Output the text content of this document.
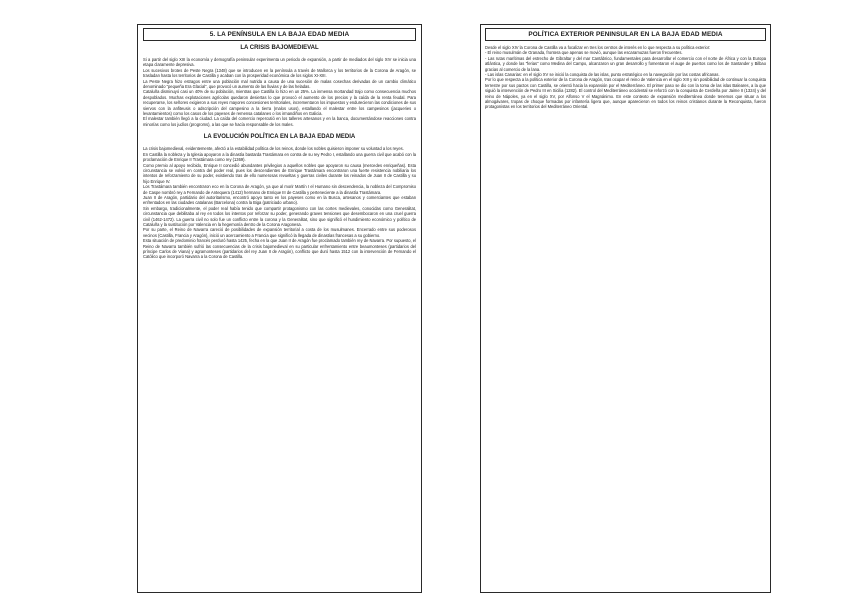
5. LA PENÍNSULA EN LA BAJA EDAD MEDIA
LA CRISIS BAJOMEDIEVAL

Si a partir del siglo XIII la economía y demografía peninsular experimenta un periodo de expansión, a partir de mediados del siglo XIV se inicia una etapa claramente depresiva.

Los sucesivos brotes de Peste Negra (1348) que se introducen en la península a través de Mallorca y los territorios de la Corona de Aragón, se trasladan hasta los territorios de Castilla y acaban con la prosperidad económica de los siglos XI-XIII.

La Peste Negra hizo estragos entre una población mal nutrida a causa de una sucesión de malas cosechas derivadas de un cambio climático denominado “pequeña Era Glacial”, que provocó un aumento de las lluvias y de las heladas.

Cataluña disminuyó casi un 40% de su población, mientras que Castilla lo hizo en un 25%. La inmensa mortandad trajo como consecuencia muchos despoblados. Muchas explotaciones agrícolas quedaron desiertas lo que provocó el aumento de los precios y la caída de la renta feudal. Para recuperarse, los señores exigieron a sus reyes mayores concesiones territoriales, incrementaron los impuestos y endurecieron las condiciones de sus siervos con la anfiteusis o adscripción del campesino a la tierra (malos usos), estallando el malestar entre los campesinos (jacqueries o levantamientos) como los casos de los payeses de remensa catalanes o los irmandiños en Galicia.

El malestar también llegó a la ciudad. La caída del comercio repercutió en los talleres artesanos y en la banca, documentándose reacciones contra minorías como los judíos (progroms), a las que se hacía responsable de los males.

LA EVOLUCIÓN POLÍTICA EN LA BAJA EDAD MEDIA

La crisis bajomedieval, evidentemente, afectó a la estabilidad política de los reinos, donde los nobles quisieron imponer su voluntad a los reyes.

En Castilla la nobleza y la Iglesia apoyaron a la dinastía bastarda Trastámara en contra de su rey Pedro I, estallando una guerra civil que acabó con la proclamación de Enrique II Trastámara como rey (1369).

Como premio al apoyo recibido, Enrique II concedió abundantes privilegios a aquellos nobles que apoyaron su causa (mercedes enriqueñas). Esta circunstancia se volvió en contra del poder real, pues los descendientes de Enrique Trastámara encontraron una fuerte resistencia nobiliaria los intentos de reforzamiento de su poder, existiendo tras de ello numerosas revueltas y guerras civiles durante los reinados de Juan II de Castilla y su hijo Enrique IV.

Los Trastámara también encontraron eco en la Corona de Aragón, ya que al morir Martín I el Humano sin descendencia, la nobleza del Compromiso de Caspe nombró rey a Fernando de Antequera (1412) hermano de Enrique III de Castilla y perteneciente a la dinastía Trastámara.

Juan II de Aragón, partidario del autoritarismo, encontró apoyo tanto en los payeses como en la Busca, artesanos y comerciantes que estaban enfrentados en las ciudades catalanas (Barcelona) contra la Biga (patriciado urbano).

Sin embargo, tradicionalmente, el poder real había tenido que compartir protagonismo con las cortes medievales, conocidas como Generalitat, circunstancia que debilitaba al rey en todos los intentos por reforzar su poder, generando graves tensiones que desembocaron en una cruel guerra civil (1462-1472). La guerra civil no solo fue un conflicto entre la corona y la Generalitat, sino que significó el hundimiento económico y político de Cataluña y la sustitución por Valencia en la hegemonía dentro de la Corona Aragonesa.

Por su parte, el Reino de Navarra careció de posibilidades de expansión territorial a costa de los musulmanes. Encerrado entre sus poderosos vecinos (Castilla, Francia y Aragón), inició un acercamiento a Francia que significó la llegada de dinastías francesas a su gobierno.

Esta situación de predominio francés perduró hasta 1425, fecha en la que Juan II de Aragón fue proclamado también rey de Navarra. Por supuesto, el Reino de Navarra también sufrió las consecuencias de la crisis bajomedieval en su particular enfrentamiento entre beaumonteses (partidarios del príncipe Carlos de Viana) y agramonteses (partidarios del rey Juan II de Aragón), conflicto que duró hasta 1512 con la intervención de Fernando el Católico que incorporó Navarra a la Corona de Castilla.

POLÍTICA EXTERIOR PENINSULAR EN LA BAJA EDAD MEDIA

Desde el siglo XIV la Corona de Castilla va a focalizar en tres los centros de interés en lo que respecta a su política exterior:

- El reino musulmán de Granada, frontera que apenas se movió, aunque las escaramuzas fueron frecuentes.

- Las rutas marítimas del estrecho de Gibraltar y del mar Cantábrico, fundamentales para desarrollar el comercio con el norte de África y con la Europa atlántica, y donde las “ferias” como Medina del Campo, alcanzaron un gran desarrollo y fomentaron el auge de puertos como los de Santander y Bilbao gracias al comercio de la lana.

- Las islas Canarias: en el siglo XV se inició la conquista de las islas, punto estratégico en la navegación por las costas africanas.

Por lo que respecta a la política exterior de la Corona de Aragón, tras ocupar el reino de Valencia en el siglo XIII y sin posibilidad de continuar la conquista terrestre por sus pactos con Castilla, se orientó hacia la expansión por el Mediterráneo. El primer paso se dio con la toma de las islas Baleares, a la que siguió la intervención de Pedro III en Sicilia (1282). El control del Mediterráneo occidental se reforzó con la conquista de Cerdeña por Jaime II (1324) y del reino de Nápoles, ya en el siglo XV, por Alfonso V el Magnánimo. En este contexto de expansión mediterránea donde tenemos que situar a los almogávares, tropas de choque formadas por infantería ligera que, aunque aparecieron en todos los reinos cristianos durante la Reconquista, fueron protagonistas en los territorios del Mediterráneo Oriental.
